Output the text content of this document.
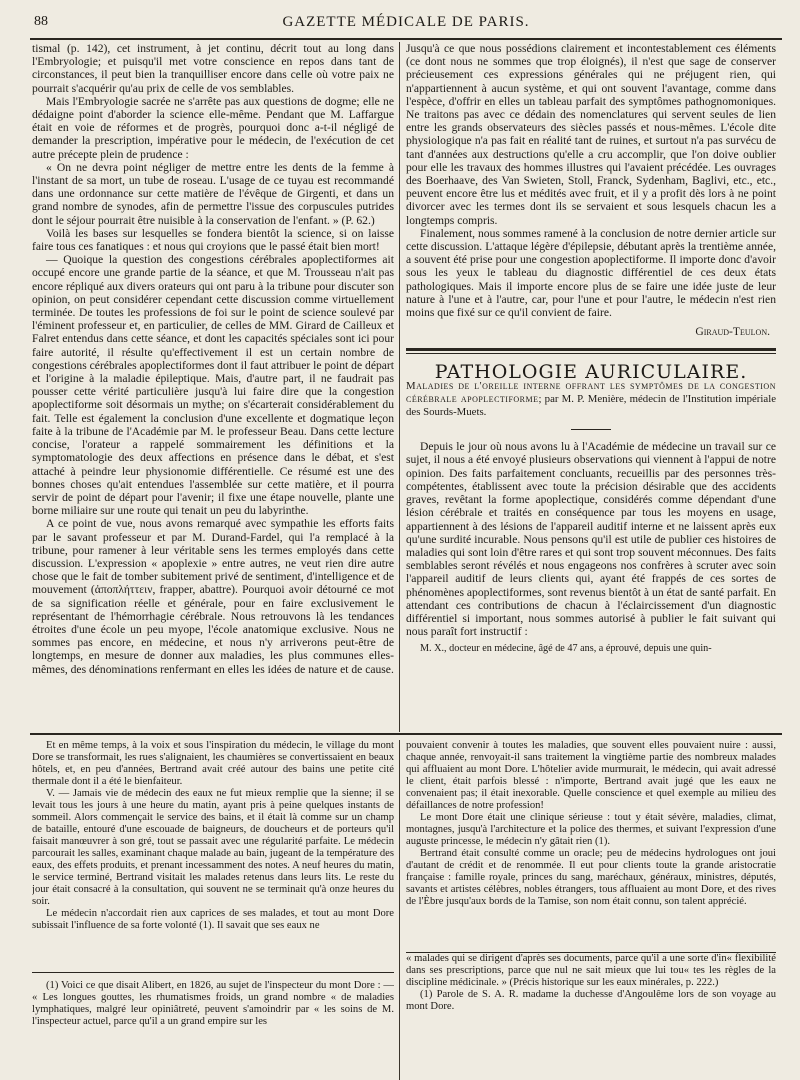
88	GAZETTE MÉDICALE DE PARIS.

tismal (p. 142), cet instrument, à jet continu, décrit tout au long dans l'Embryologie; et puisqu'il met votre conscience en repos dans tant de circonstances, il peut bien la tranquilliser encore dans celle où votre paix ne pourrait s'acquérir qu'au prix de celle de vos semblables.

Mais l'Embryologie sacrée ne s'arrête pas aux questions de dogme; elle ne dédaigne point d'aborder la science elle-même. Pendant que M. Laffargue était en voie de réformes et de progrès, pourquoi donc a-t-il négligé de demander la prescription, impérative pour le médecin, de l'exécution de cet autre précepte plein de prudence :

« On ne devra point négliger de mettre entre les dents de la femme à l'instant de sa mort, un tube de roseau. L'usage de ce tuyau est recommandé dans une ordonnance sur cette matière de l'évêque de Girgenti, et dans un grand nombre de synodes, afin de permettre l'issue des corpuscules putrides dont le séjour pourrait être nuisible à la conservation de l'enfant. » (P. 62.)

Voilà les bases sur lesquelles se fondera bientôt la science, si on laisse faire tous ces fanatiques : et nous qui croyions que le passé était bien mort!

— Quoique la question des congestions cérébrales apoplectiformes ait occupé encore une grande partie de la séance, et que M. Trousseau n'ait pas encore répliqué aux divers orateurs qui ont paru à la tribune pour discuter son opinion, on peut considérer cependant cette discussion comme virtuellement terminée. De toutes les professions de foi sur le point de science soulevé par l'éminent professeur et, en particulier, de celles de MM. Girard de Cailleux et Falret entendus dans cette séance, et dont les capacités spéciales sont ici pour faire autorité, il résulte qu'effectivement il est un certain nombre de congestions cérébrales apoplectiformes dont il faut attribuer le point de départ et l'origine à la maladie épileptique. Mais, d'autre part, il ne faudrait pas pousser cette vérité particulière jusqu'à lui faire dire que la congestion apoplectiforme soit désormais un mythe; on s'écarterait considérablement du fait. Telle est également la conclusion d'une excellente et dogmatique leçon faite à la tribune de l'Académie par M. le professeur Beau. Dans cette lecture concise, l'orateur a rappelé sommairement les définitions et la symptomatologie des deux affections en présence dans le débat, et s'est attaché à peindre leur physionomie différentielle. Ce résumé est une des bonnes choses qu'ait entendues l'assemblée sur cette matière, et il pourra servir de point de départ pour l'avenir; il fixe une étape nouvelle, plante une borne miliaire sur une route qui tenait un peu du labyrinthe.

A ce point de vue, nous avons remarqué avec sympathie les efforts faits par le savant professeur et par M. Durand-Fardel, qui l'a remplacé à la tribune, pour ramener à leur véritable sens les termes employés dans cette discussion. L'expression « apoplexie » entre autres, ne veut rien dire autre chose que le fait de tomber subitement privé de sentiment, d'intelligence et de mouvement (ἀποπλήττειν, frapper, abattre). Pourquoi avoir détourné ce mot de sa signification réelle et générale, pour en faire exclusivement le représentant de l'hémorrhagie cérébrale. Nous retrouvons là les tendances étroites d'une école un peu myope, l'école anatomique exclusive. Nous ne sommes pas encore, en médecine, et nous n'y arriverons peut-être de longtemps, en mesure de donner aux maladies, les plus communes elles-mêmes, des dénominations renfermant en elles les idées de nature et de cause.

Jusqu'à ce que nous possédions clairement et incontestablement ces éléments (ce dont nous ne sommes que trop éloignés), il n'est que sage de conserver précieusement ces expressions générales qui ne préjugent rien, qui n'appartiennent à aucun système, et qui ont souvent l'avantage, comme dans l'espèce, d'offrir en elles un tableau parfait des symptômes pathognomoniques. Ne traitons pas avec ce dédain des nomenclatures qui servent seules de lien entre les grands observateurs des siècles passés et nous-mêmes. L'école dite physiologique n'a pas fait en réalité tant de ruines, et surtout n'a pas survécu de tant d'années aux destructions qu'elle a cru accomplir, que l'on doive oublier pour elle les travaux des hommes illustres qui l'avaient précédée. Les ouvrages des Boerhaave, des Van Swieten, Stoll, Franck, Sydenham, Baglivi, etc., etc., peuvent encore être lus et médités avec fruit, et il y a profit dès lors à ne point divorcer avec les termes dont ils se servaient et sous lesquels chacun les a longtemps compris.

Finalement, nous sommes ramené à la conclusion de notre dernier article sur cette discussion. L'attaque légère d'épilepsie, débutant après la trentième année, a souvent été prise pour une congestion apoplectiforme. Il importe donc d'avoir sous les yeux le tableau du diagnostic différentiel de ces deux états pathologiques. Mais il importe encore plus de se faire une idée juste de leur nature à l'une et à l'autre, car, pour l'une et pour l'autre, le médecin n'est rien moins que fixé sur ce qu'il convient de faire.

Giraud-Teulon.

PATHOLOGIE AURICULAIRE.

Maladies de l'oreille interne offrant les symptômes de la congestion cérébrale apoplectiforme; par M. P. Menière, médecin de l'Institution impériale des Sourds-Muets.

Depuis le jour où nous avons lu à l'Académie de médecine un travail sur ce sujet, il nous a été envoyé plusieurs observations qui viennent à l'appui de notre opinion. Des faits parfaitement concluants, recueillis par des personnes très-compétentes, établissent avec toute la précision désirable que des accidents graves, revêtant la forme apoplectique, considérés comme dépendant d'une lésion cérébrale et traités en conséquence par tous les moyens en usage, appartiennent à des lésions de l'appareil auditif interne et ne laissent après eux qu'une surdité incurable. Nous pensons qu'il est utile de publier ces histoires de maladies qui sont loin d'être rares et qui sont trop souvent méconnues. Des faits semblables seront révélés et nous engageons nos confrères à scruter avec soin l'appareil auditif de leurs clients qui, ayant été frappés de ces sortes de phénomènes apoplectiformes, sont revenus bientôt à un état de santé parfait. En attendant ces contributions de chacun à l'éclaircissement d'un diagnostic différentiel si important, nous sommes autorisé à publier le fait suivant qui nous paraît fort instructif :

M. X., docteur en médecine, âgé de 47 ans, a éprouvé, depuis une quin-

Et en même temps, à la voix et sous l'inspiration du médecin, le village du mont Dore se transformait, les rues s'alignaient, les chaumières se convertissaient en beaux hôtels, et, en peu d'années, Bertrand avait créé autour des bains une petite cité thermale dont il a été le bienfaiteur.

V. — Jamais vie de médecin des eaux ne fut mieux remplie que la sienne; il se levait tous les jours à une heure du matin, ayant pris à peine quelques instants de sommeil. Alors commençait le service des bains, et il était là comme sur un champ de bataille, entouré d'une escouade de baigneurs, de doucheurs et de porteurs qu'il faisait manœuvrer à son gré, tout se passait avec une régularité parfaite. Le médecin parcourait les salles, examinant chaque malade au bain, jugeant de la température des eaux, des effets produits, et prenant incessamment des notes. A neuf heures du matin, le service terminé, Bertrand visitait les malades retenus dans leurs lits. Le reste du jour était consacré à la consultation, qui souvent ne se terminait qu'à onze heures du soir.

Le médecin n'accordait rien aux caprices de ses malades, et tout au mont Dore subissait l'influence de sa forte volonté (1). Il savait que ses eaux ne

(1) Voici ce que disait Alibert, en 1826, au sujet de l'inspecteur du mont Dore : — « Les longues gouttes, les rhumatismes froids, un grand nombre « de maladies lymphatiques, malgré leur opiniâtreté, peuvent s'amoindrir par « les soins de M. l'inspecteur actuel, parce qu'il a un grand empire sur les

pouvaient convenir à toutes les maladies, que souvent elles pouvaient nuire : aussi, chaque année, renvoyait-il sans traitement la vingtième partie des nombreux malades qui affluaient au mont Dore. L'hôtelier avide murmurait, le médecin, qui avait adressé le client, était parfois blessé : n'importe, Bertrand avait jugé que les eaux ne convenaient pas; il était inexorable. Quelle conscience et quel exemple au milieu des défaillances de notre profession!

Le mont Dore était une clinique sérieuse : tout y était sévère, maladies, climat, montagnes, jusqu'à l'architecture et la police des thermes, et suivant l'expression d'une auguste princesse, le médecin n'y gâtait rien (1).

Bertrand était consulté comme un oracle; peu de médecins hydrologues ont joui d'autant de crédit et de renommée. Il eut pour clients toute la grande aristocratie française : famille royale, princes du sang, maréchaux, généraux, ministres, députés, savants et artistes célèbres, nobles étrangers, tous affluaient au mont Dore, et des rives de l'Èbre jusqu'aux bords de la Tamise, son nom était connu, son talent apprécié.

« malades qui se dirigent d'après ses documents, parce qu'il a une sorte d'in« flexibilité dans ses prescriptions, parce que nul ne sait mieux que lui tou« tes les règles de la discipline médicinale. » (Précis historique sur les eaux minérales, p. 222.)

(1) Parole de S. A. R. madame la duchesse d'Angoulême lors de son voyage au mont Dore.
